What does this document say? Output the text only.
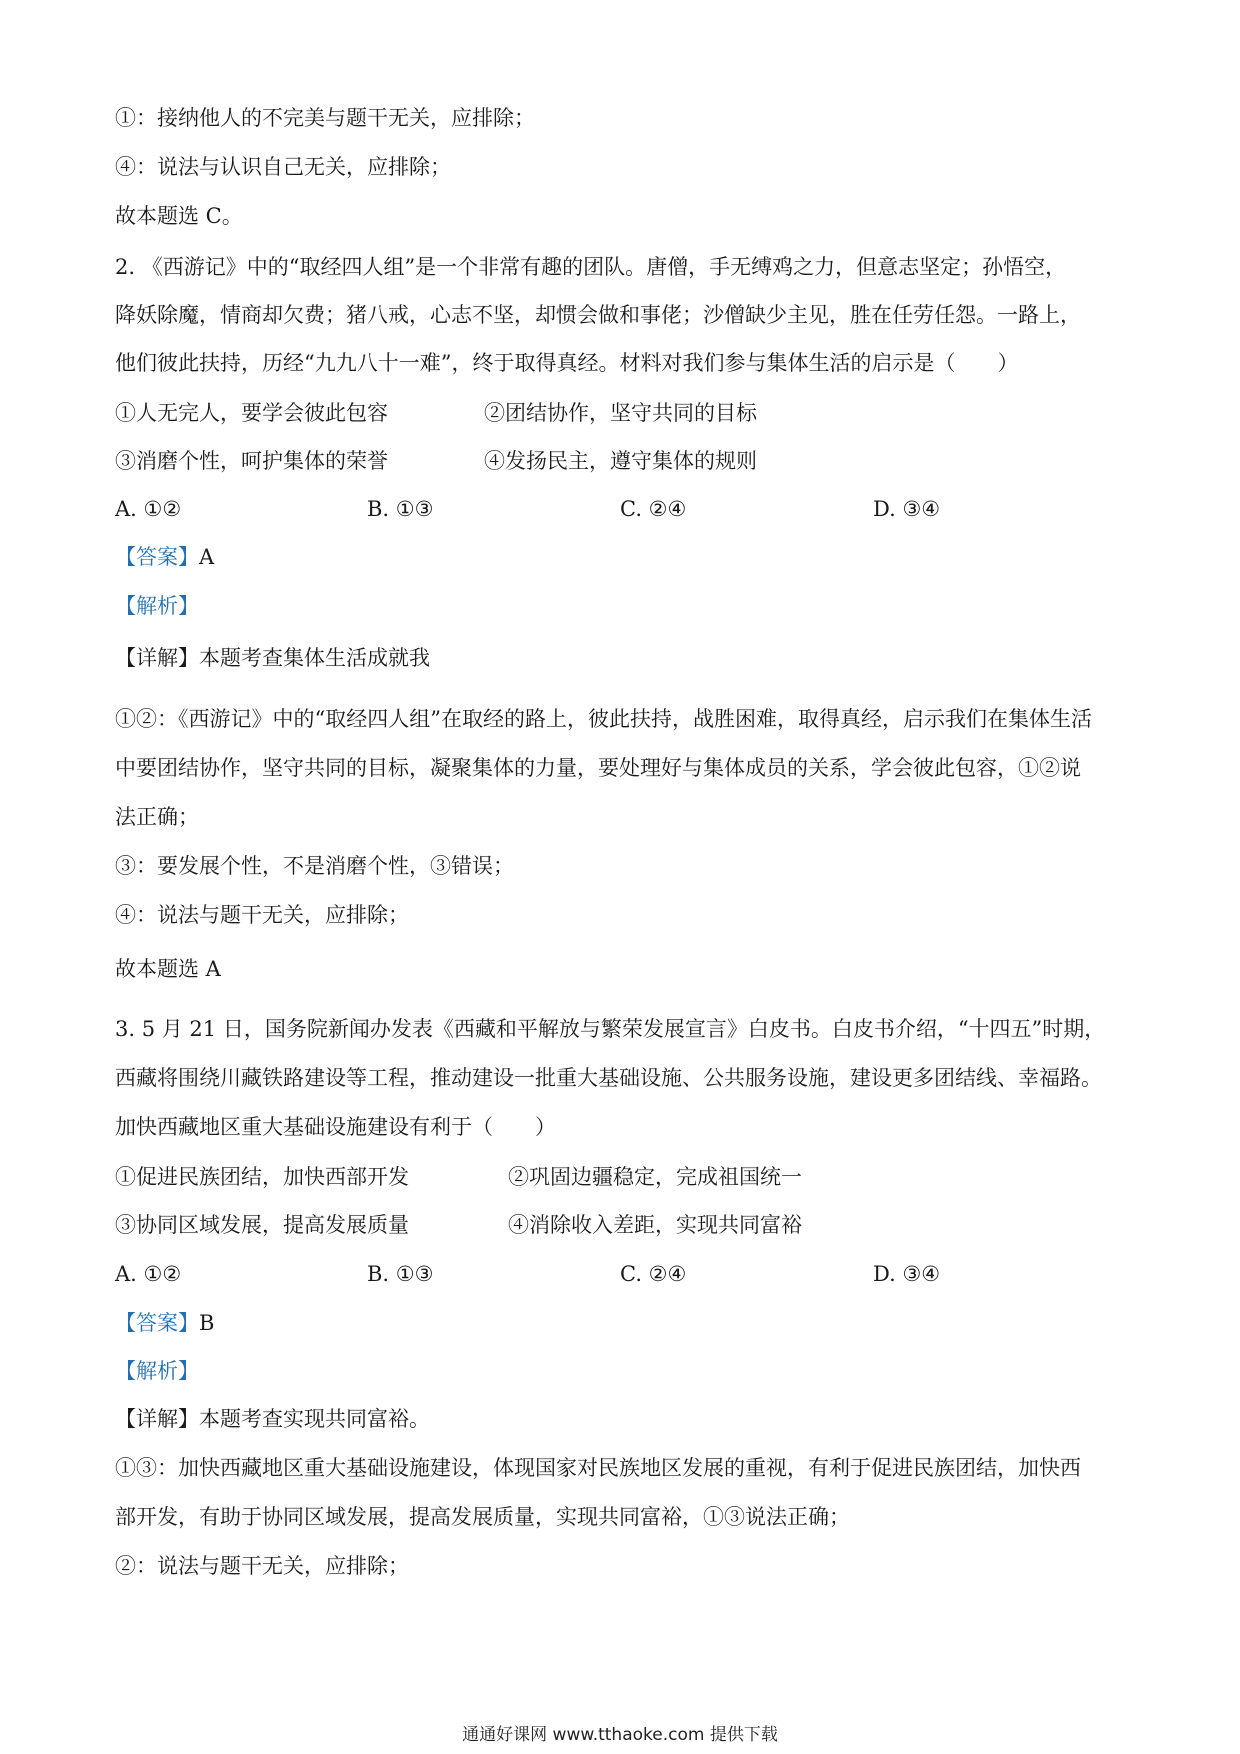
①：接纳他人的不完美与题干无关，应排除；
④：说法与认识自己无关，应排除；
故本题选 C。
2. 《西游记》中的“取经四人组”是一个非常有趣的团队。唐僧，手无缚鸡之力，但意志坚定；孙悟空，
降妖除魔，情商却欠费；猪八戒，心志不坚，却惯会做和事佬；沙僧缺少主见，胜在任劳任怨。一路上，
他们彼此扶持，历经“九九八十一难”，终于取得真经。材料对我们参与集体生活的启示是（　　）
①人无完人，要学会彼此包容	②团结协作，坚守共同的目标
③消磨个性，呵护集体的荣誉	④发扬民主，遵守集体的规则
A. ①②	B. ①③	C. ②④	D. ③④
【答案】A
【解析】
【详解】本题考查集体生活成就我
①②：《西游记》中的“取经四人组”在取经的路上，彼此扶持，战胜困难，取得真经，启示我们在集体生活
中要团结协作，坚守共同的目标，凝聚集体的力量，要处理好与集体成员的关系，学会彼此包容，①②说
法正确；
③：要发展个性，不是消磨个性，③错误；
④：说法与题干无关，应排除；
故本题选 A
3. 5 月 21 日，国务院新闻办发表《西藏和平解放与繁荣发展宣言》白皮书。白皮书介绍，“十四五”时期，
西藏将围绕川藏铁路建设等工程，推动建设一批重大基础设施、公共服务设施，建设更多团结线、幸福路。
加快西藏地区重大基础设施建设有利于（　　）
①促进民族团结，加快西部开发	②巩固边疆稳定，完成祖国统一
③协同区域发展，提高发展质量	④消除收入差距，实现共同富裕
A. ①②	B. ①③	C. ②④	D. ③④
【答案】B
【解析】
【详解】本题考查实现共同富裕。
①③：加快西藏地区重大基础设施建设，体现国家对民族地区发展的重视，有利于促进民族团结，加快西
部开发，有助于协同区域发展，提高发展质量，实现共同富裕，①③说法正确；
②：说法与题干无关，应排除；
通通好课网 www.tthaoke.com 提供下载
